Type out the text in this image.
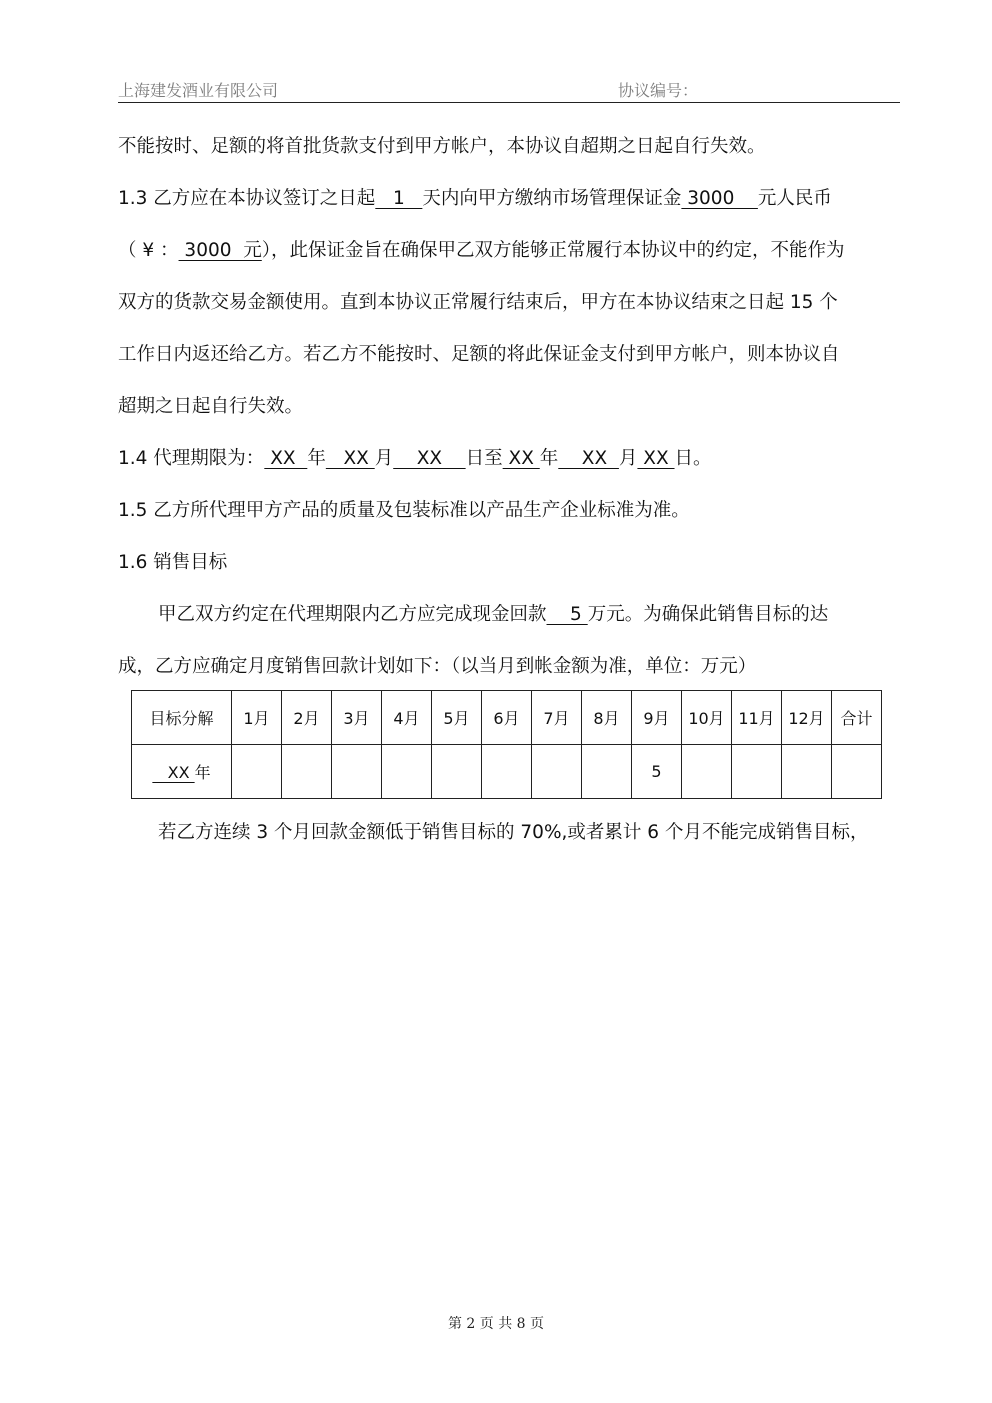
上海建发酒业有限公司	协议编号：
不能按时、足额的将首批货款支付到甲方帐户，本协议自超期之日起自行失效。
1.3 乙方应在本协议签订之日起   1   天内向甲方缴纳市场管理保证金 3000    元人民币
（ ¥ ： 3000  元），此保证金旨在确保甲乙双方能够正常履行本协议中的约定，不能作为
双方的货款交易金额使用。直到本协议正常履行结束后，甲方在本协议结束之日起 15 个
工作日内返还给乙方。若乙方不能按时、足额的将此保证金支付到甲方帐户，则本协议自
超期之日起自行失效。
1.4 代理期限为： XX  年   XX 月    XX    日至 XX 年    XX  月 XX 日。
1.5 乙方所代理甲方产品的质量及包装标准以产品生产企业标准为准。
1.6 销售目标
甲乙双方约定在代理期限内乙方应完成现金回款    5 万元。为确保此销售目标的达
成，乙方应确定月度销售回款计划如下：（以当月到帐金额为准，单位：万元）
目标分解	1月	2月	3月	4月	5月	6月	7月	8月	9月	10月	11月	12月	合计
XX 年									5				
若乙方连续 3 个月回款金额低于销售目标的 70%,或者累计 6 个月不能完成销售目标，
第 2 页 共 8 页
